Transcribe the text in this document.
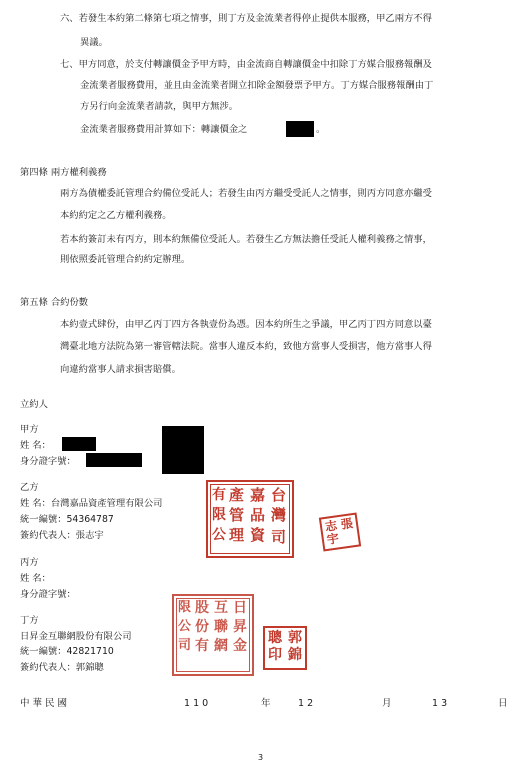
六、若發生本約第二條第七項之情事，則丁方及金流業者得停止提供本服務，甲乙兩方不得
異議。
七、甲方同意，於支付轉讓價金予甲方時，由金流商自轉讓價金中扣除丁方媒合服務報酬及
金流業者服務費用，並且由金流業者開立扣除金額發票予甲方。丁方媒合服務報酬由丁
方另行向金流業者請款，與甲方無涉。
金流業者服務費用計算如下：轉讓價金之	。
第四條 兩方權利義務
兩方為債權委託管理合約備位受託人；若發生由丙方繼受受託人之情事，則丙方同意亦繼受
本約約定之乙方權利義務。
若本約簽訂未有丙方，則本約無備位受託人。若發生乙方無法擔任受託人權利義務之情事，
則依照委託管理合約約定辦理。
第五條 合約份數
本約壹式肆份，由甲乙丙丁四方各執壹份為憑。因本約所生之爭議，甲乙丙丁四方同意以臺
灣臺北地方法院為第一審管轄法院。當事人違反本約，致他方當事人受損害，他方當事人得
向違約當事人請求損害賠償。
立約人
甲方
姓 名：
身分證字號：
乙方
姓 名：台灣嘉品資產管理有限公司
統一編號：54364787
簽約代表人：張志宇
台
灣
嘉
品
資
產
管
理
有
限
公	司
張
志
宇
丙方
姓 名：
身分證字號：
丁方
日昇金互聯網股份有限公司
統一編號：42821710
簽約代表人：郭錦聰
日
昇
金
互
聯
網
股
份
有
限
公
司	郭
錦
聰
印
中 華 民 國	1 1 0	年	1 2	月	1 3	日
3
